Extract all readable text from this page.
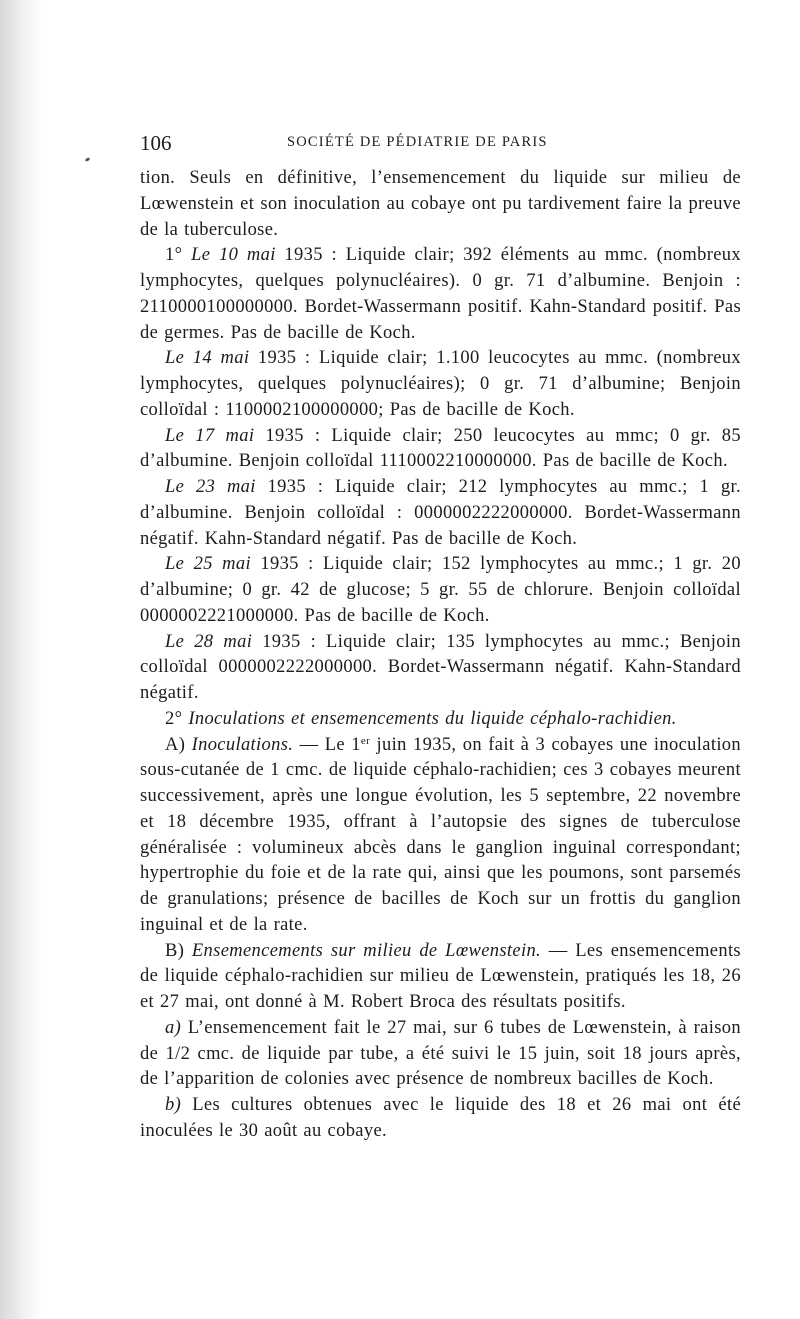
106	SOCIÉTÉ DE PÉDIATRIE DE PARIS

tion. Seuls en définitive, l’ensemencement du liquide sur milieu de Lœwenstein et son inoculation au cobaye ont pu tardivement faire la preuve de la tuberculose.

1° Le 10 mai 1935 : Liquide clair; 392 éléments au mmc. (nombreux lymphocytes, quelques polynucléaires). 0 gr. 71 d’albumine. Benjoin : 2110000100000000. Bordet-Wassermann positif. Kahn-Standard positif. Pas de germes. Pas de bacille de Koch.

Le 14 mai 1935 : Liquide clair; 1.100 leucocytes au mmc. (nombreux lymphocytes, quelques polynucléaires); 0 gr. 71 d’albumine; Benjoin colloïdal : 1100002100000000; Pas de bacille de Koch.

Le 17 mai 1935 : Liquide clair; 250 leucocytes au mmc; 0 gr. 85 d’albumine. Benjoin colloïdal 1110002210000000. Pas de bacille de Koch.

Le 23 mai 1935 : Liquide clair; 212 lymphocytes au mmc.; 1 gr. d’albumine. Benjoin colloïdal : 0000002222000000. Bordet-Wassermann négatif. Kahn-Standard négatif. Pas de bacille de Koch.

Le 25 mai 1935 : Liquide clair; 152 lymphocytes au mmc.; 1 gr. 20 d’albumine; 0 gr. 42 de glucose; 5 gr. 55 de chlorure. Benjoin colloïdal 0000002221000000. Pas de bacille de Koch.

Le 28 mai 1935 : Liquide clair; 135 lymphocytes au mmc.; Benjoin colloïdal 0000002222000000. Bordet-Wassermann négatif. Kahn-Standard négatif.

2° Inoculations et ensemencements du liquide céphalo-rachidien.

A) Inoculations. — Le 1er juin 1935, on fait à 3 cobayes une inoculation sous-cutanée de 1 cmc. de liquide céphalo-rachidien; ces 3 cobayes meurent successivement, après une longue évolution, les 5 septembre, 22 novembre et 18 décembre 1935, offrant à l’autopsie des signes de tuberculose généralisée : volumineux abcès dans le ganglion inguinal correspondant; hypertrophie du foie et de la rate qui, ainsi que les poumons, sont parsemés de granulations; présence de bacilles de Koch sur un frottis du ganglion inguinal et de la rate.

B) Ensemencements sur milieu de Lœwenstein. — Les ensemencements de liquide céphalo-rachidien sur milieu de Lœwenstein, pratiqués les 18, 26 et 27 mai, ont donné à M. Robert Broca des résultats positifs.

a) L’ensemencement fait le 27 mai, sur 6 tubes de Lœwenstein, à raison de 1/2 cmc. de liquide par tube, a été suivi le 15 juin, soit 18 jours après, de l’apparition de colonies avec présence de nombreux bacilles de Koch.

b) Les cultures obtenues avec le liquide des 18 et 26 mai ont été inoculées le 30 août au cobaye.
